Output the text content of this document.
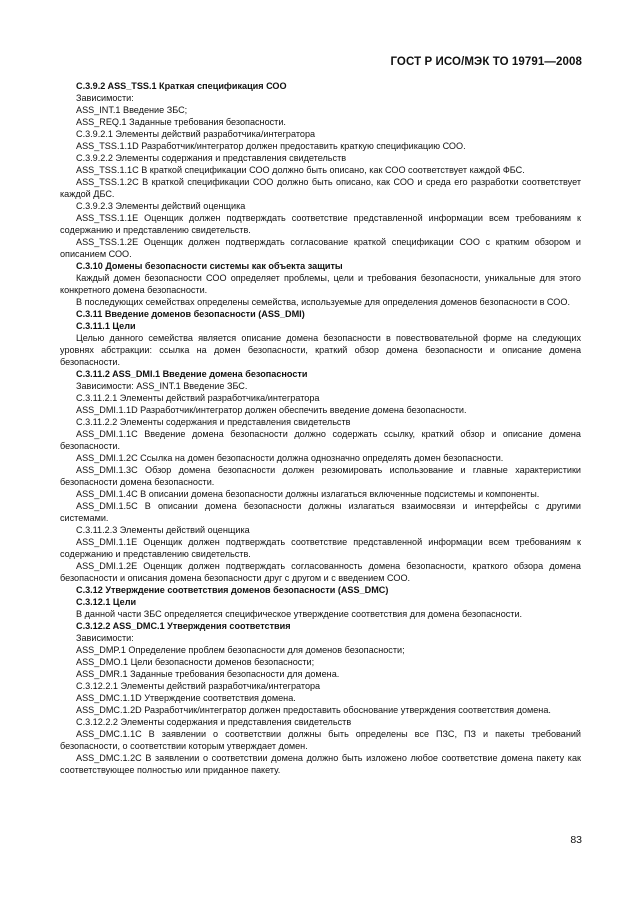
ГОСТ Р ИСО/МЭК ТО 19791—2008

C.3.9.2 ASS_TSS.1 Краткая спецификация СОО

Зависимости:

ASS_INT.1 Введение ЗБС;

ASS_REQ.1 Заданные требования безопасности.

C.3.9.2.1 Элементы действий разработчика/интегратора

ASS_TSS.1.1D Разработчик/интегратор должен предоставить краткую спецификацию СОО.

C.3.9.2.2 Элементы содержания и представления свидетельств

ASS_TSS.1.1C В краткой спецификации СОО должно быть описано, как СОО соответствует каждой ФБС.

ASS_TSS.1.2C В краткой спецификации СОО должно быть описано, как СОО и среда его разработки соответствует каждой ДБС.

C.3.9.2.3 Элементы действий оценщика

ASS_TSS.1.1E Оценщик должен подтверждать соответствие представленной информации всем требованиям к содержанию и представлению свидетельств.

ASS_TSS.1.2E Оценщик должен подтверждать согласование краткой спецификации СОО с кратким обзором и описанием СОО.

C.3.10 Домены безопасности системы как объекта защиты

Каждый домен безопасности СОО определяет проблемы, цели и требования безопасности, уникальные для этого конкретного домена безопасности.

В последующих семействах определены семейства, используемые для определения доменов безопасности в СОО.

C.3.11 Введение доменов безопасности (ASS_DMI)

C.3.11.1 Цели

Целью данного семейства является описание домена безопасности в повествовательной форме на следующих уровнях абстракции: ссылка на домен безопасности, краткий обзор домена безопасности и описание домена безопасности.

C.3.11.2 ASS_DMI.1 Введение домена безопасности

Зависимости: ASS_INT.1 Введение ЗБС.

C.3.11.2.1 Элементы действий разработчика/интегратора

ASS_DMI.1.1D Разработчик/интегратор должен обеспечить введение домена безопасности.

C.3.11.2.2 Элементы содержания и представления свидетельств

ASS_DMI.1.1C Введение домена безопасности должно содержать ссылку, краткий обзор и описание домена безопасности.

ASS_DMI.1.2C Ссылка на домен безопасности должна однозначно определять домен безопасности.

ASS_DMI.1.3C Обзор домена безопасности должен резюмировать использование и главные характеристики безопасности домена безопасности.

ASS_DMI.1.4C В описании домена безопасности должны излагаться включенные подсистемы и компоненты.

ASS_DMI.1.5C В описании домена безопасности должны излагаться взаимосвязи и интерфейсы с другими системами.

C.3.11.2.3 Элементы действий оценщика

ASS_DMI.1.1E Оценщик должен подтверждать соответствие представленной информации всем требованиям к содержанию и представлению свидетельств.

ASS_DMI.1.2E Оценщик должен подтверждать согласованность домена безопасности, краткого обзора домена безопасности и описания домена безопасности друг с другом и с введением СОО.

C.3.12 Утверждение соответствия доменов безопасности (ASS_DMC)

C.3.12.1 Цели

В данной части ЗБС определяется специфическое утверждение соответствия для домена безопасности.

C.3.12.2 ASS_DMC.1 Утверждения соответствия

Зависимости:

ASS_DMP.1 Определение проблем безопасности для доменов безопасности;

ASS_DMO.1 Цели безопасности доменов безопасности;

ASS_DMR.1 Заданные требования безопасности для домена.

C.3.12.2.1 Элементы действий разработчика/интегратора

ASS_DMC.1.1D Утверждение соответствия домена.

ASS_DMC.1.2D Разработчик/интегратор должен предоставить обоснование утверждения соответствия домена.

C.3.12.2.2 Элементы содержания и представления свидетельств

ASS_DMC.1.1C В заявлении о соответствии должны быть определены все ПЗС, ПЗ и пакеты требований безопасности, о соответствии которым утверждает домен.

ASS_DMC.1.2C В заявлении о соответствии домена должно быть изложено любое соответствие домена пакету как соответствующее полностью или приданное пакету.

83
